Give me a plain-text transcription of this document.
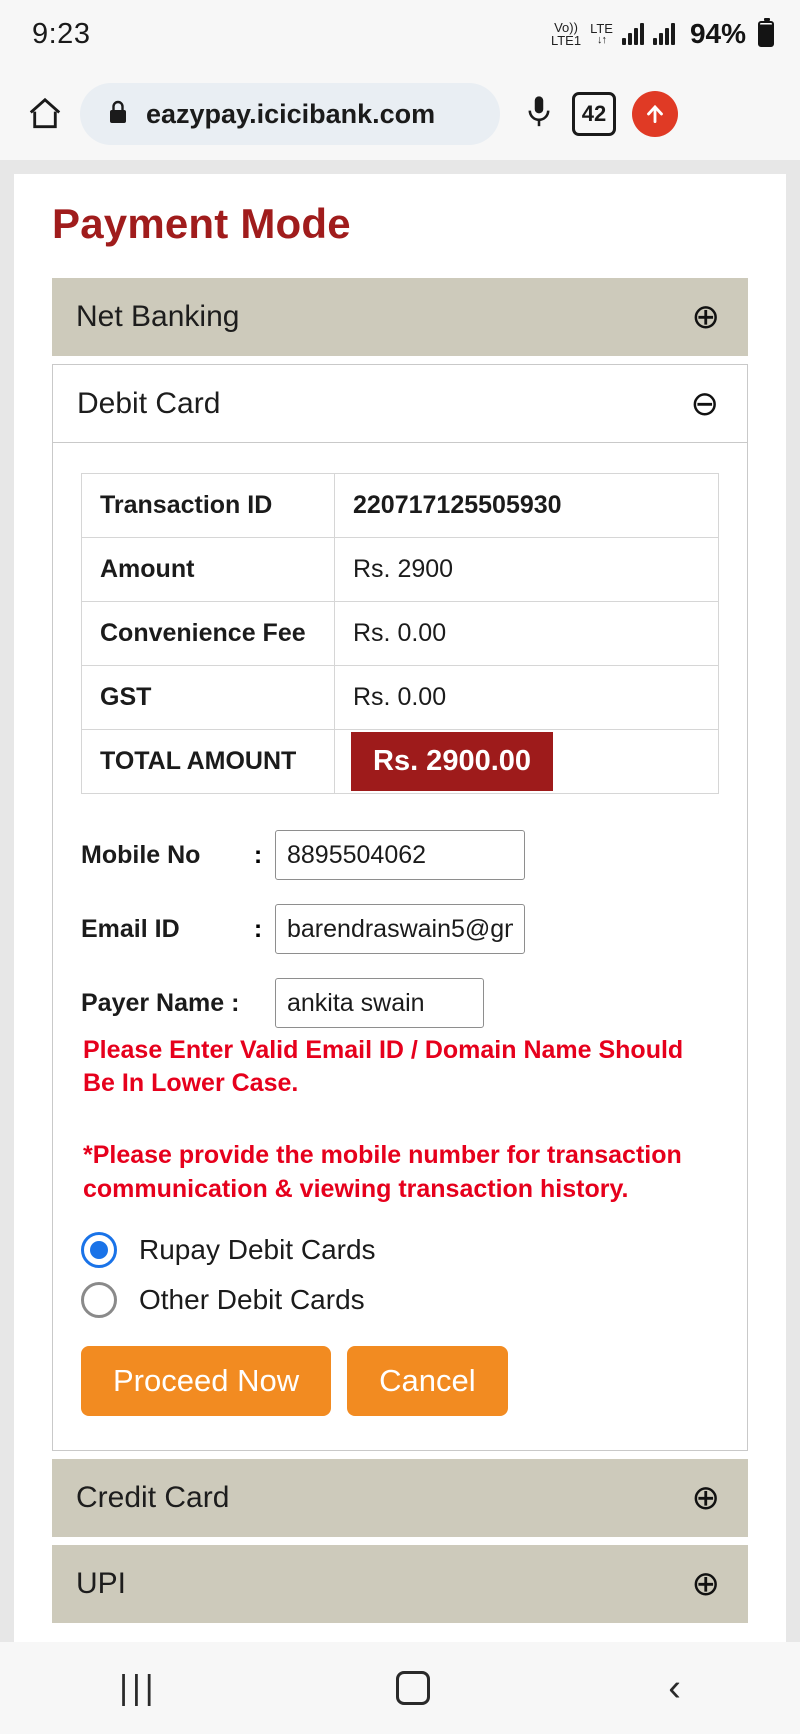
9:23	Vo))
LTE1
LTE
↓↑	94%
eazypay.icicibank.com	42
Payment Mode
Net Banking	⊕
Debit Card	⊖
Transaction ID	220717125505930
Amount	Rs. 2900
Convenience Fee	Rs. 0.00
GST	Rs. 0.00
TOTAL AMOUNT	Rs. 2900.00
Mobile No	:
8895504062
Email ID	:
barendraswain5@gma
Payer Name :
ankita swain
Please Enter Valid Email ID / Domain Name Should Be In Lower Case.
*Please provide the mobile number for transaction communication & viewing transaction history.
Rupay Debit Cards
Other Debit Cards
Proceed Now	Cancel
Credit Card	⊕
UPI	⊕
|||	‹
